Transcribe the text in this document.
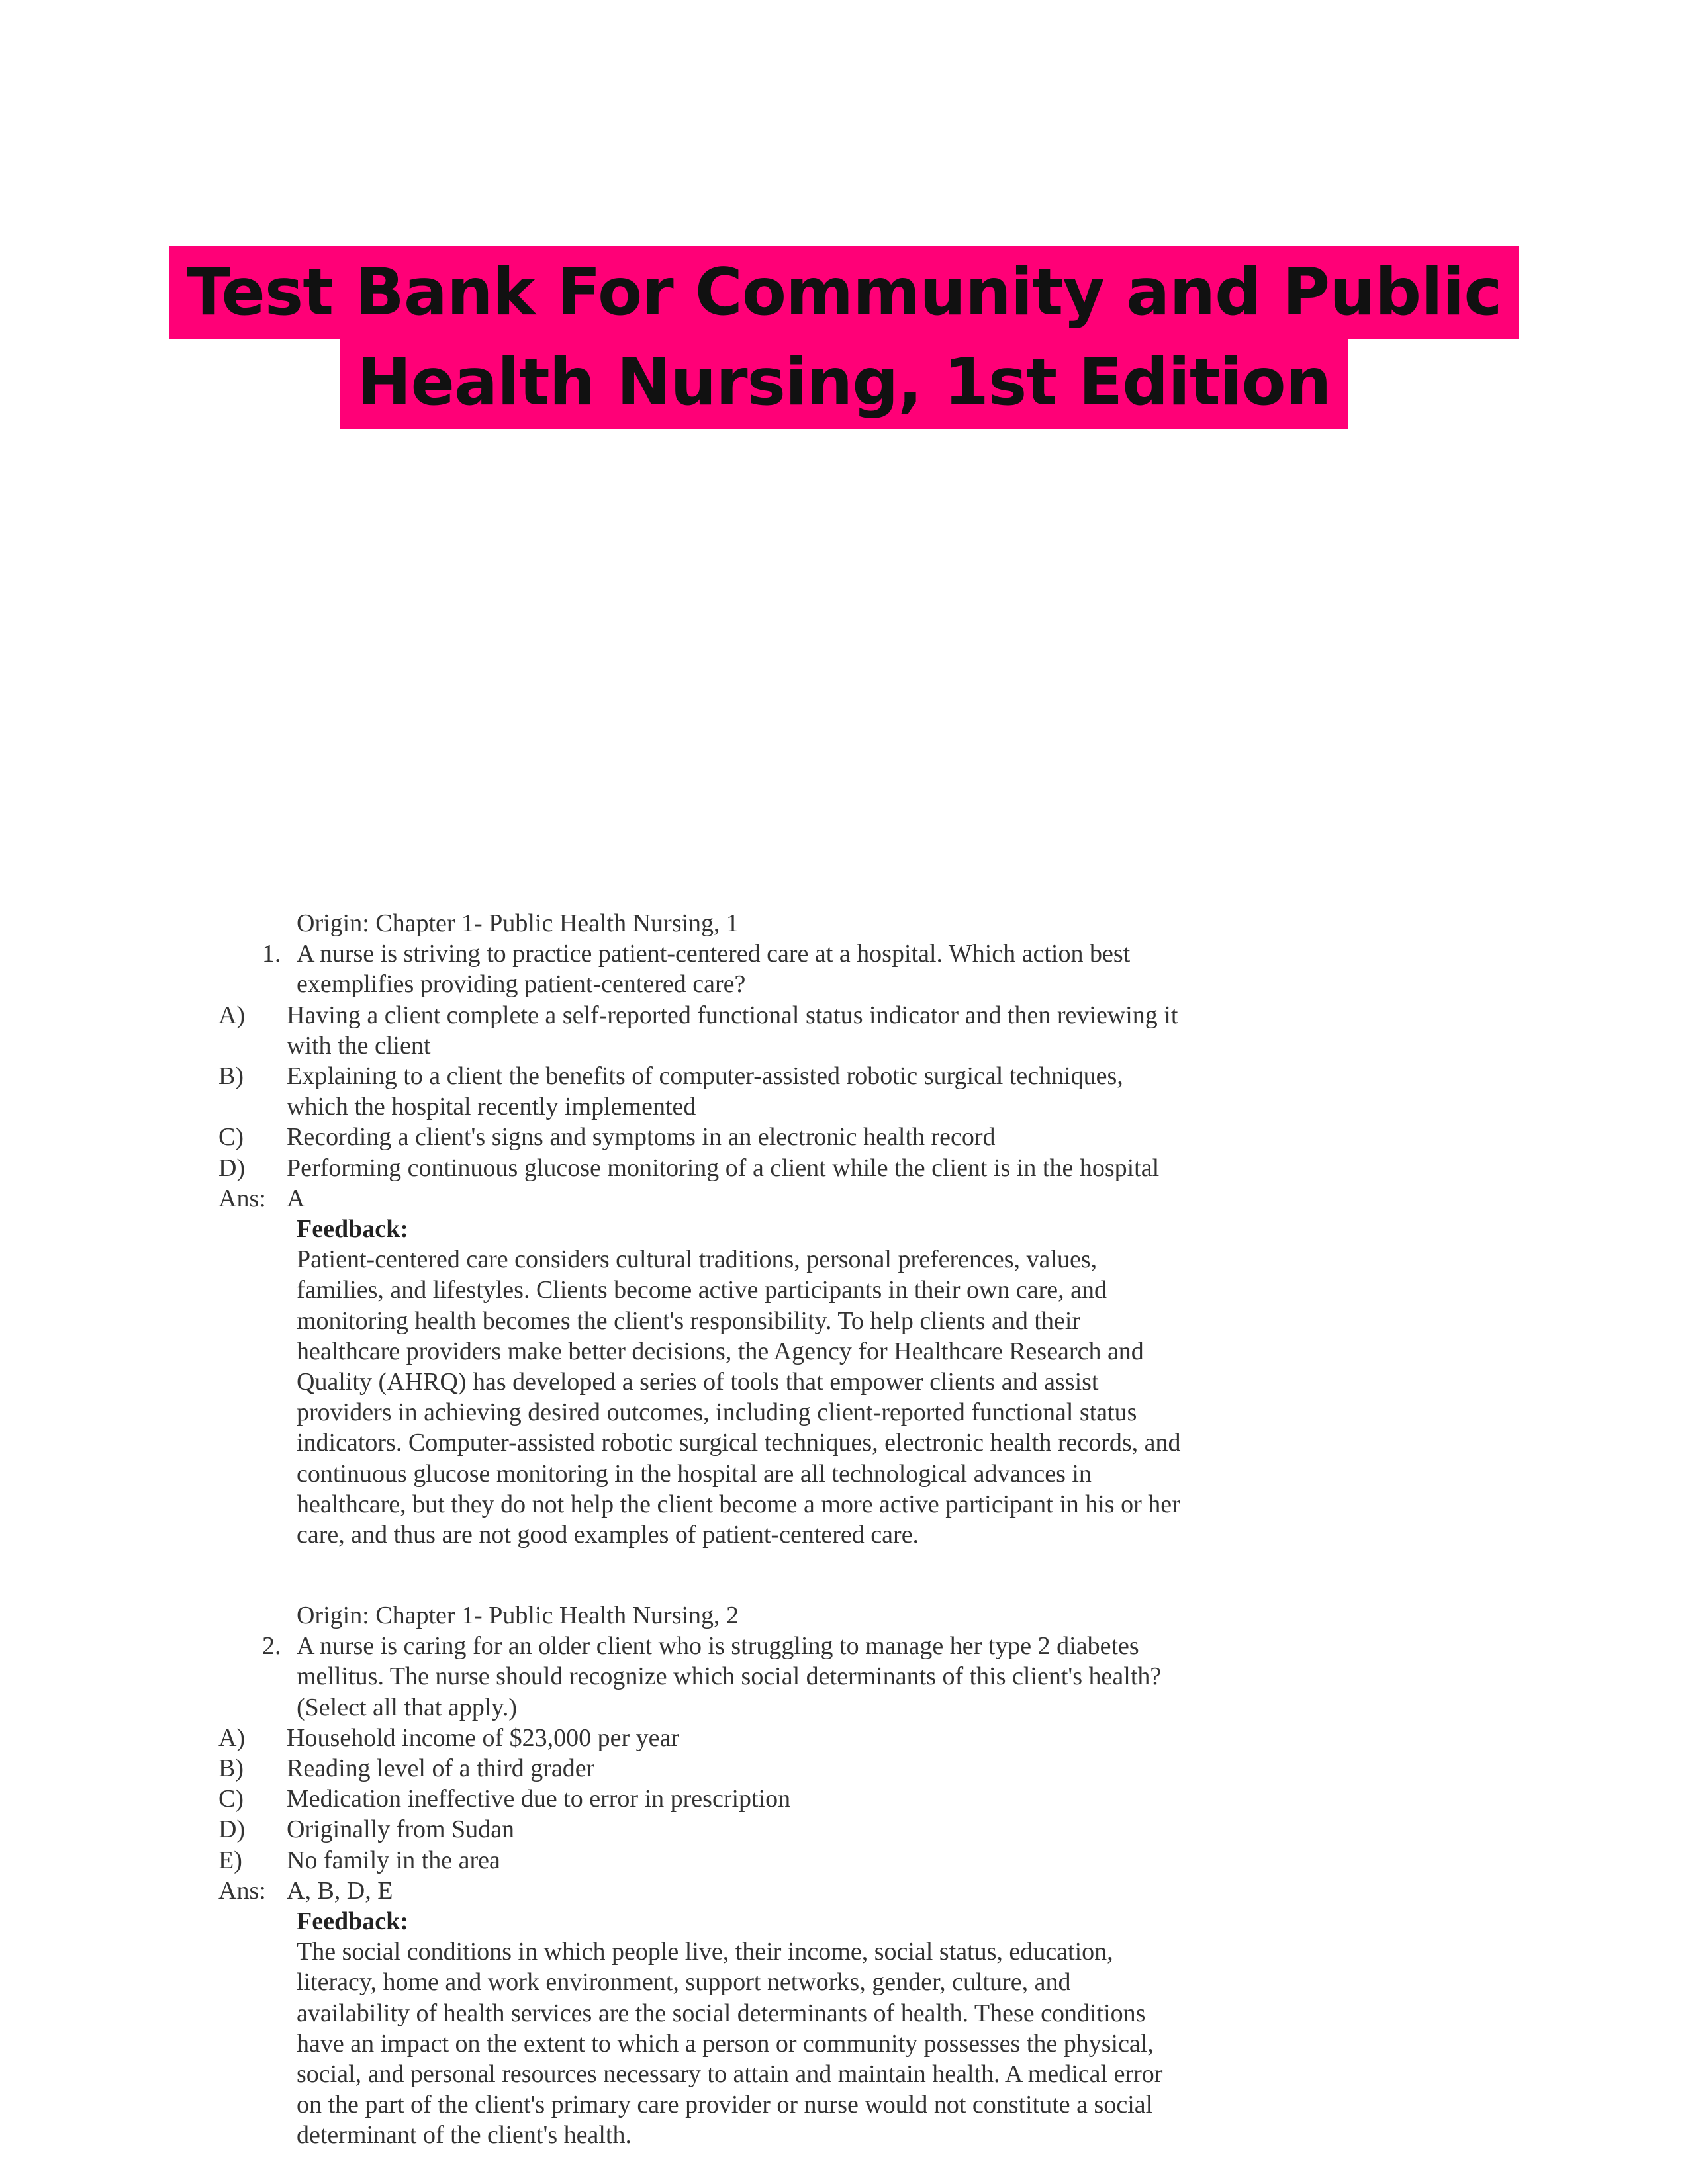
Test Bank For Community and Public
Health Nursing, 1st Edition
Origin: Chapter 1- Public Health Nursing, 1
1. A nurse is striving to practice patient-centered care at a hospital. Which action best
exemplifies providing patient-centered care?
A) Having a client complete a self-reported functional status indicator and then reviewing it
with the client
B) Explaining to a client the benefits of computer-assisted robotic surgical techniques,
which the hospital recently implemented
C) Recording a client's signs and symptoms in an electronic health record
D) Performing continuous glucose monitoring of a client while the client is in the hospital
Ans: A
Feedback:
Patient-centered care considers cultural traditions, personal preferences, values,
families, and lifestyles. Clients become active participants in their own care, and
monitoring health becomes the client's responsibility. To help clients and their
healthcare providers make better decisions, the Agency for Healthcare Research and
Quality (AHRQ) has developed a series of tools that empower clients and assist
providers in achieving desired outcomes, including client-reported functional status
indicators. Computer-assisted robotic surgical techniques, electronic health records, and
continuous glucose monitoring in the hospital are all technological advances in
healthcare, but they do not help the client become a more active participant in his or her
care, and thus are not good examples of patient-centered care.
Origin: Chapter 1- Public Health Nursing, 2
2. A nurse is caring for an older client who is struggling to manage her type 2 diabetes
mellitus. The nurse should recognize which social determinants of this client's health?
(Select all that apply.)
A) Household income of $23,000 per year
B) Reading level of a third grader
C) Medication ineffective due to error in prescription
D) Originally from Sudan
E) No family in the area
Ans: A, B, D, E
Feedback:
The social conditions in which people live, their income, social status, education,
literacy, home and work environment, support networks, gender, culture, and
availability of health services are the social determinants of health. These conditions
have an impact on the extent to which a person or community possesses the physical,
social, and personal resources necessary to attain and maintain health. A medical error
on the part of the client's primary care provider or nurse would not constitute a social
determinant of the client's health.
